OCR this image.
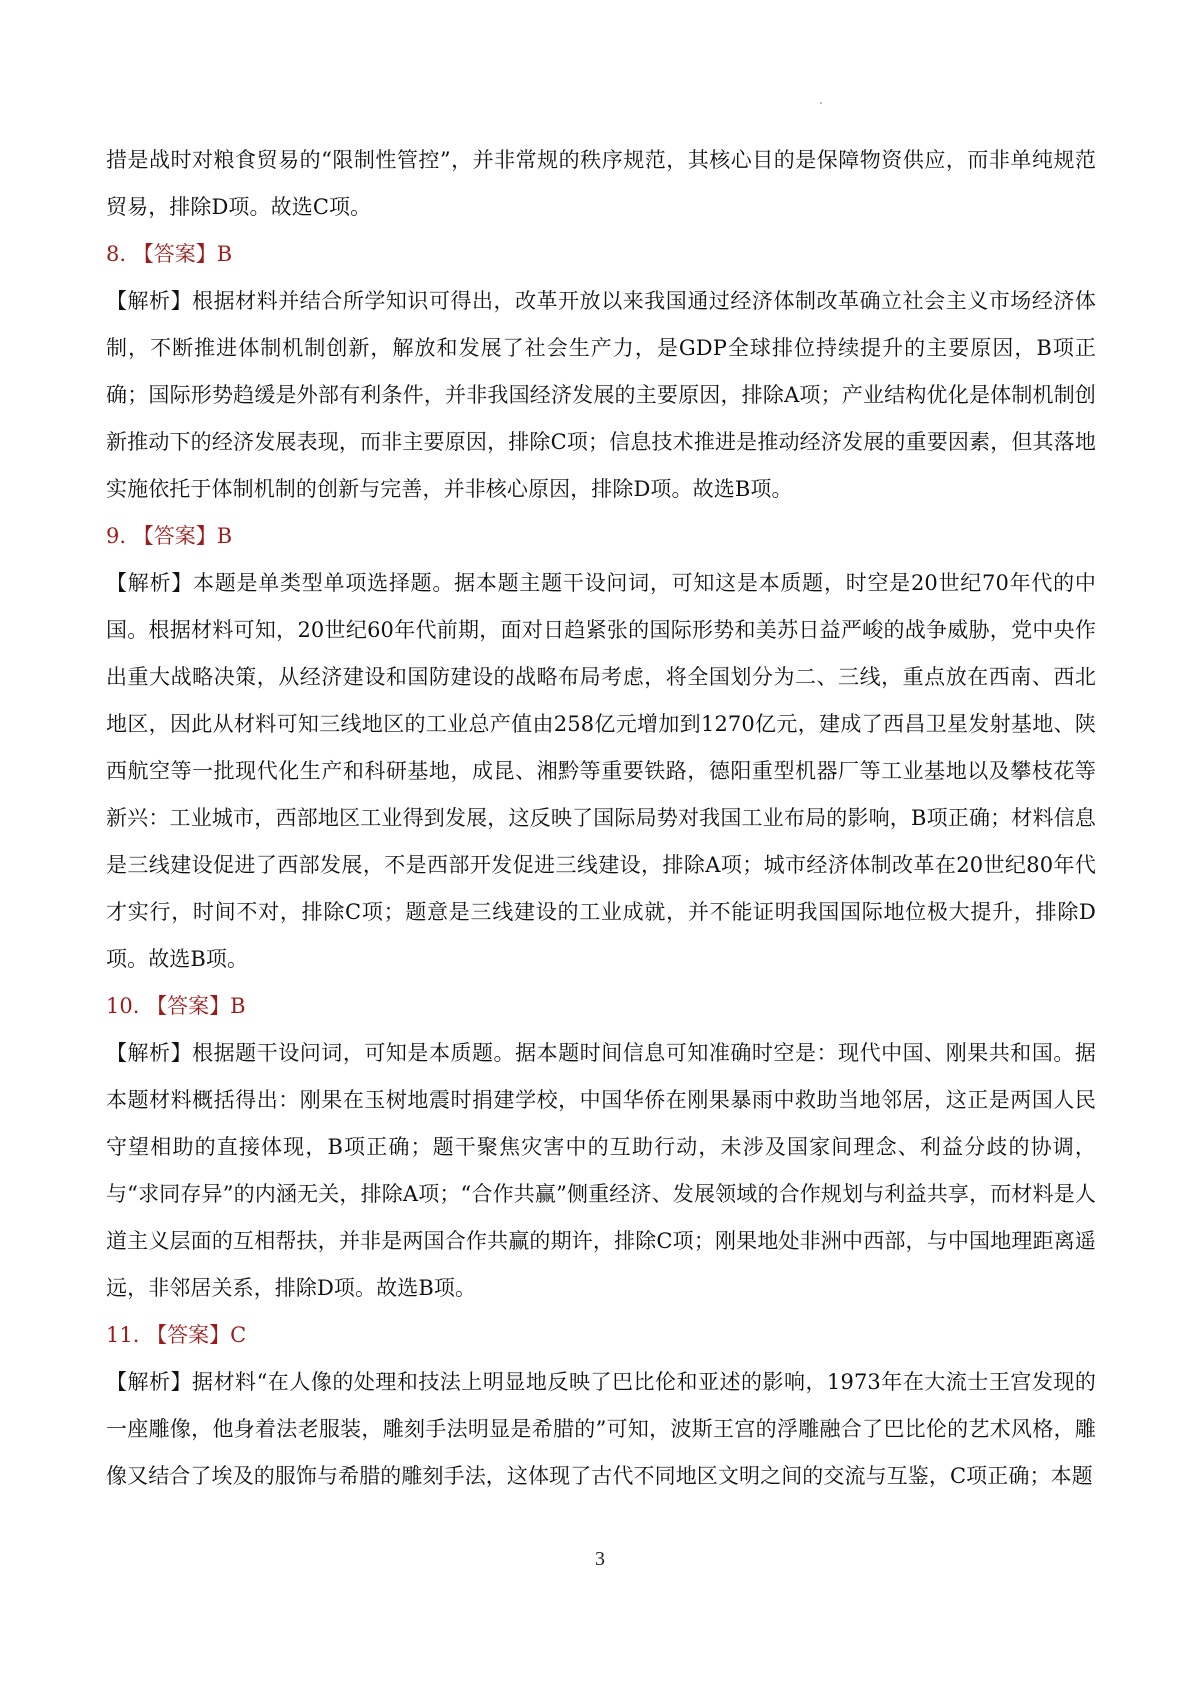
措是战时对粮食贸易的“限制性管控”，并非常规的秩序规范，其核心目的是保障物资供应，而非单纯规范贸易，排除D项。故选C项。

8. 【答案】B

【解析】根据材料并结合所学知识可得出，改革开放以来我国通过经济体制改革确立社会主义市场经济体制，不断推进体制机制创新，解放和发展了社会生产力，是GDP全球排位持续提升的主要原因，B项正确；国际形势趋缓是外部有利条件，并非我国经济发展的主要原因，排除A项；产业结构优化是体制机制创新推动下的经济发展表现，而非主要原因，排除C项；信息技术推进是推动经济发展的重要因素，但其落地实施依托于体制机制的创新与完善，并非核心原因，排除D项。故选B项。

9. 【答案】B

【解析】本题是单类型单项选择题。据本题主题干设问词，可知这是本质题，时空是20世纪70年代的中国。根据材料可知，20世纪60年代前期，面对日趋紧张的国际形势和美苏日益严峻的战争威胁，党中央作出重大战略决策，从经济建设和国防建设的战略布局考虑，将全国划分为二、三线，重点放在西南、西北地区，因此从材料可知三线地区的工业总产值由258亿元增加到1270亿元，建成了西昌卫星发射基地、陕西航空等一批现代化生产和科研基地，成昆、湘黔等重要铁路，德阳重型机器厂等工业基地以及攀枝花等新兴：工业城市，西部地区工业得到发展，这反映了国际局势对我国工业布局的影响，B项正确；材料信息是三线建设促进了西部发展，不是西部开发促进三线建设，排除A项；城市经济体制改革在20世纪80年代才实行，时间不对，排除C项；题意是三线建设的工业成就，并不能证明我国国际地位极大提升，排除D项。故选B项。

10. 【答案】B

【解析】根据题干设问词，可知是本质题。据本题时间信息可知准确时空是：现代中国、刚果共和国。据本题材料概括得出：刚果在玉树地震时捐建学校，中国华侨在刚果暴雨中救助当地邻居，这正是两国人民守望相助的直接体现，B项正确；题干聚焦灾害中的互助行动，未涉及国家间理念、利益分歧的协调，与“求同存异”的内涵无关，排除A项；“合作共赢”侧重经济、发展领域的合作规划与利益共享，而材料是人道主义层面的互相帮扶，并非是两国合作共赢的期许，排除C项；刚果地处非洲中西部，与中国地理距离遥远，非邻居关系，排除D项。故选B项。

11. 【答案】C

【解析】据材料“在人像的处理和技法上明显地反映了巴比伦和亚述的影响，1973年在大流士王宫发现的一座雕像，他身着法老服装，雕刻手法明显是希腊的”可知，波斯王宫的浮雕融合了巴比伦的艺术风格，雕像又结合了埃及的服饰与希腊的雕刻手法，这体现了古代不同地区文明之间的交流与互鉴，C项正确；本题

3
